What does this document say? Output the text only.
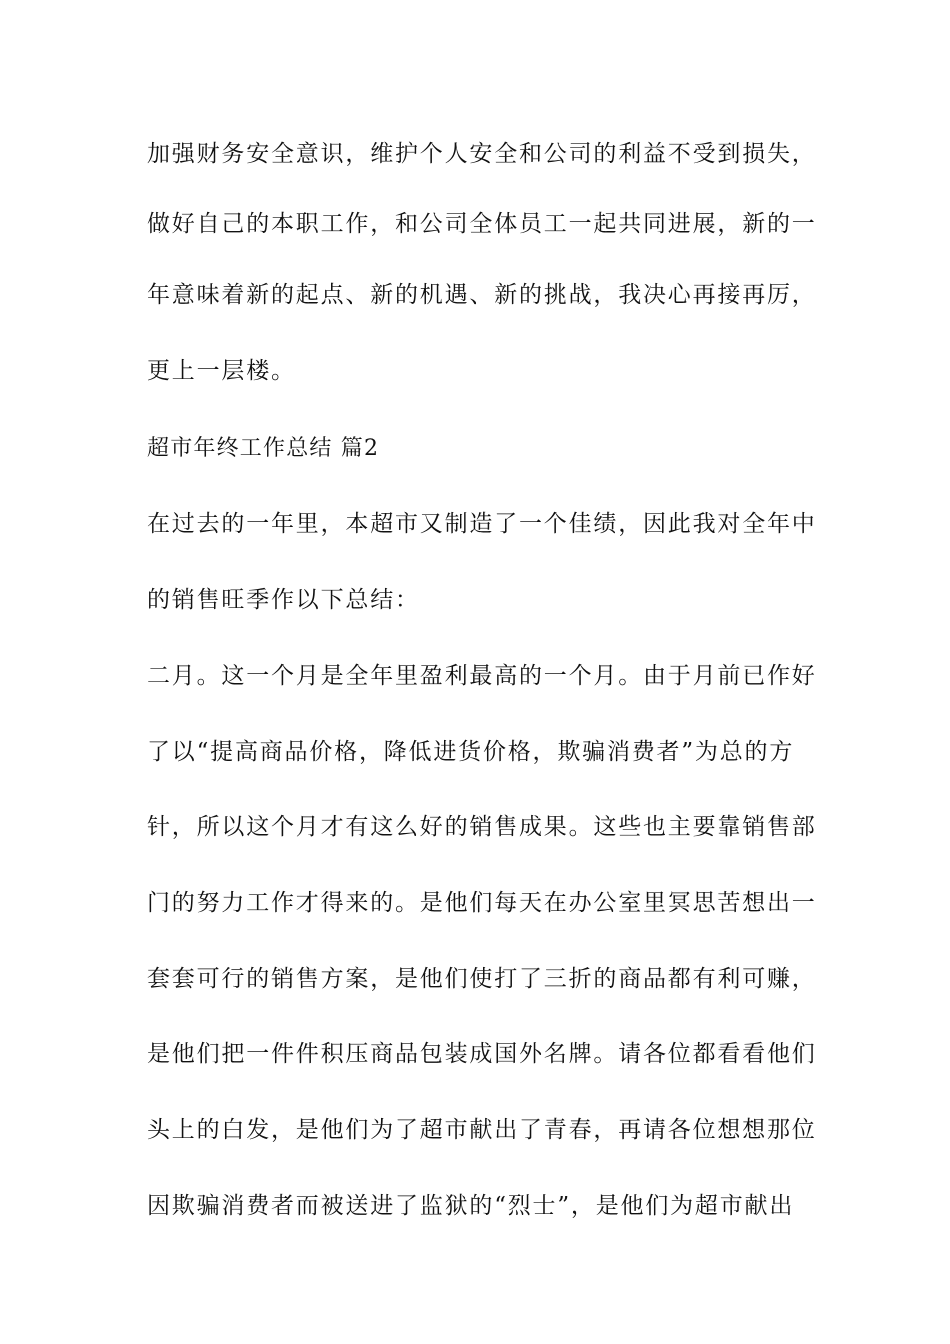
加强财务安全意识，维护个人安全和公司的利益不受到损失，
做好自己的本职工作，和公司全体员工一起共同进展，新的一
年意味着新的起点、新的机遇、新的挑战，我决心再接再厉，
更上一层楼。
超市年终工作总结 篇2
在过去的一年里，本超市又制造了一个佳绩，因此我对全年中
的销售旺季作以下总结：
二月。这一个月是全年里盈利最高的一个月。由于月前已作好
了以“提高商品价格，降低进货价格，欺骗消费者”为总的方
针，所以这个月才有这么好的销售成果。这些也主要靠销售部
门的努力工作才得来的。是他们每天在办公室里冥思苦想出一
套套可行的销售方案，是他们使打了三折的商品都有利可赚，
是他们把一件件积压商品包装成国外名牌。请各位都看看他们
头上的白发，是他们为了超市献出了青春，再请各位想想那位
因欺骗消费者而被送进了监狱的“烈士”，是他们为超市献出
